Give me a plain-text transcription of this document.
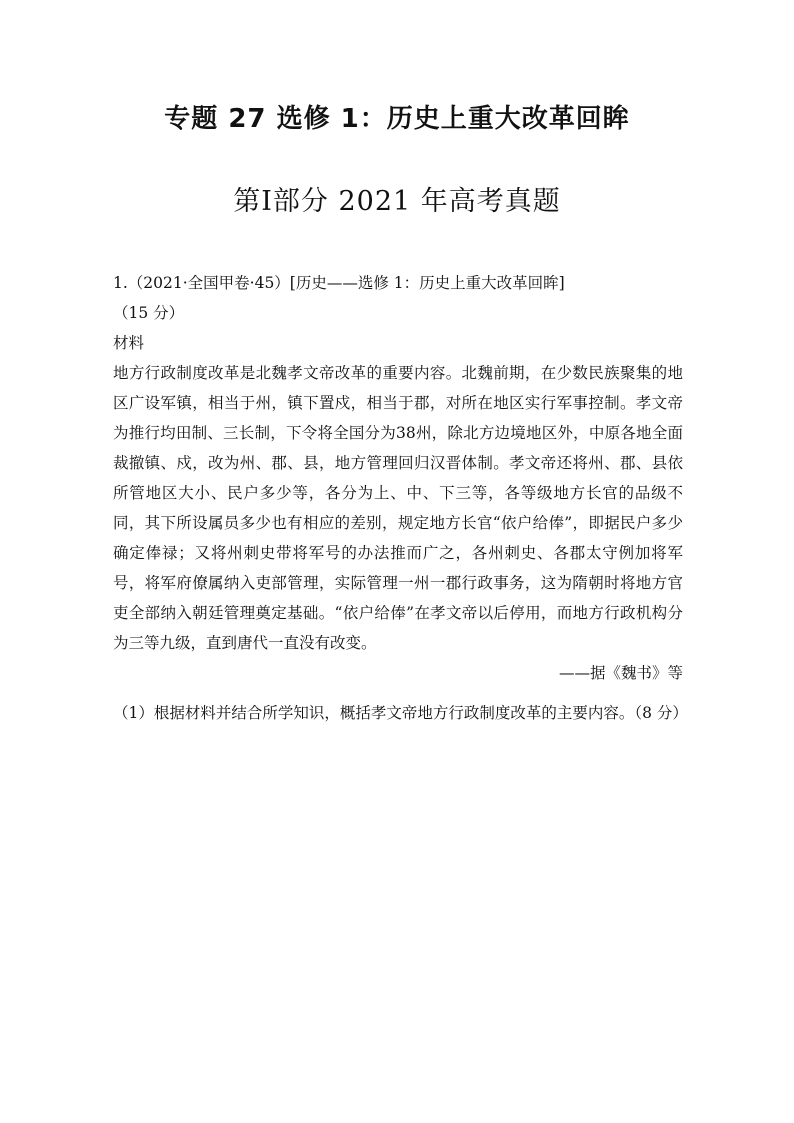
专题 27 选修 1：历史上重大改革回眸
第Ⅰ部分 2021 年高考真题
1.（2021·全国甲卷·45）[历史——选修 1：历史上重大改革回眸]
（15 分）
材料
地方行政制度改革是北魏孝文帝改革的重要内容。北魏前期，在少数民族聚集的地区广设军镇，相当于州，镇下置戍，相当于郡，对所在地区实行军事控制。孝文帝为推行均田制、三长制，下令将全国分为38州，除北方边境地区外，中原各地全面裁撤镇、戍，改为州、郡、县，地方管理回归汉晋体制。孝文帝还将州、郡、县依所管地区大小、民户多少等，各分为上、中、下三等，各等级地方长官的品级不同，其下所设属员多少也有相应的差别，规定地方长官“依户给俸”，即据民户多少确定俸禄；又将州刺史带将军号的办法推而广之，各州刺史、各郡太守例加将军号，将军府僚属纳入吏部管理，实际管理一州一郡行政事务，这为隋朝时将地方官吏全部纳入朝廷管理奠定基础。“依户给俸”在孝文帝以后停用，而地方行政机构分为三等九级，直到唐代一直没有改变。
——据《魏书》等
（1）根据材料并结合所学知识，概括孝文帝地方行政制度改革的主要内容。（8 分）
